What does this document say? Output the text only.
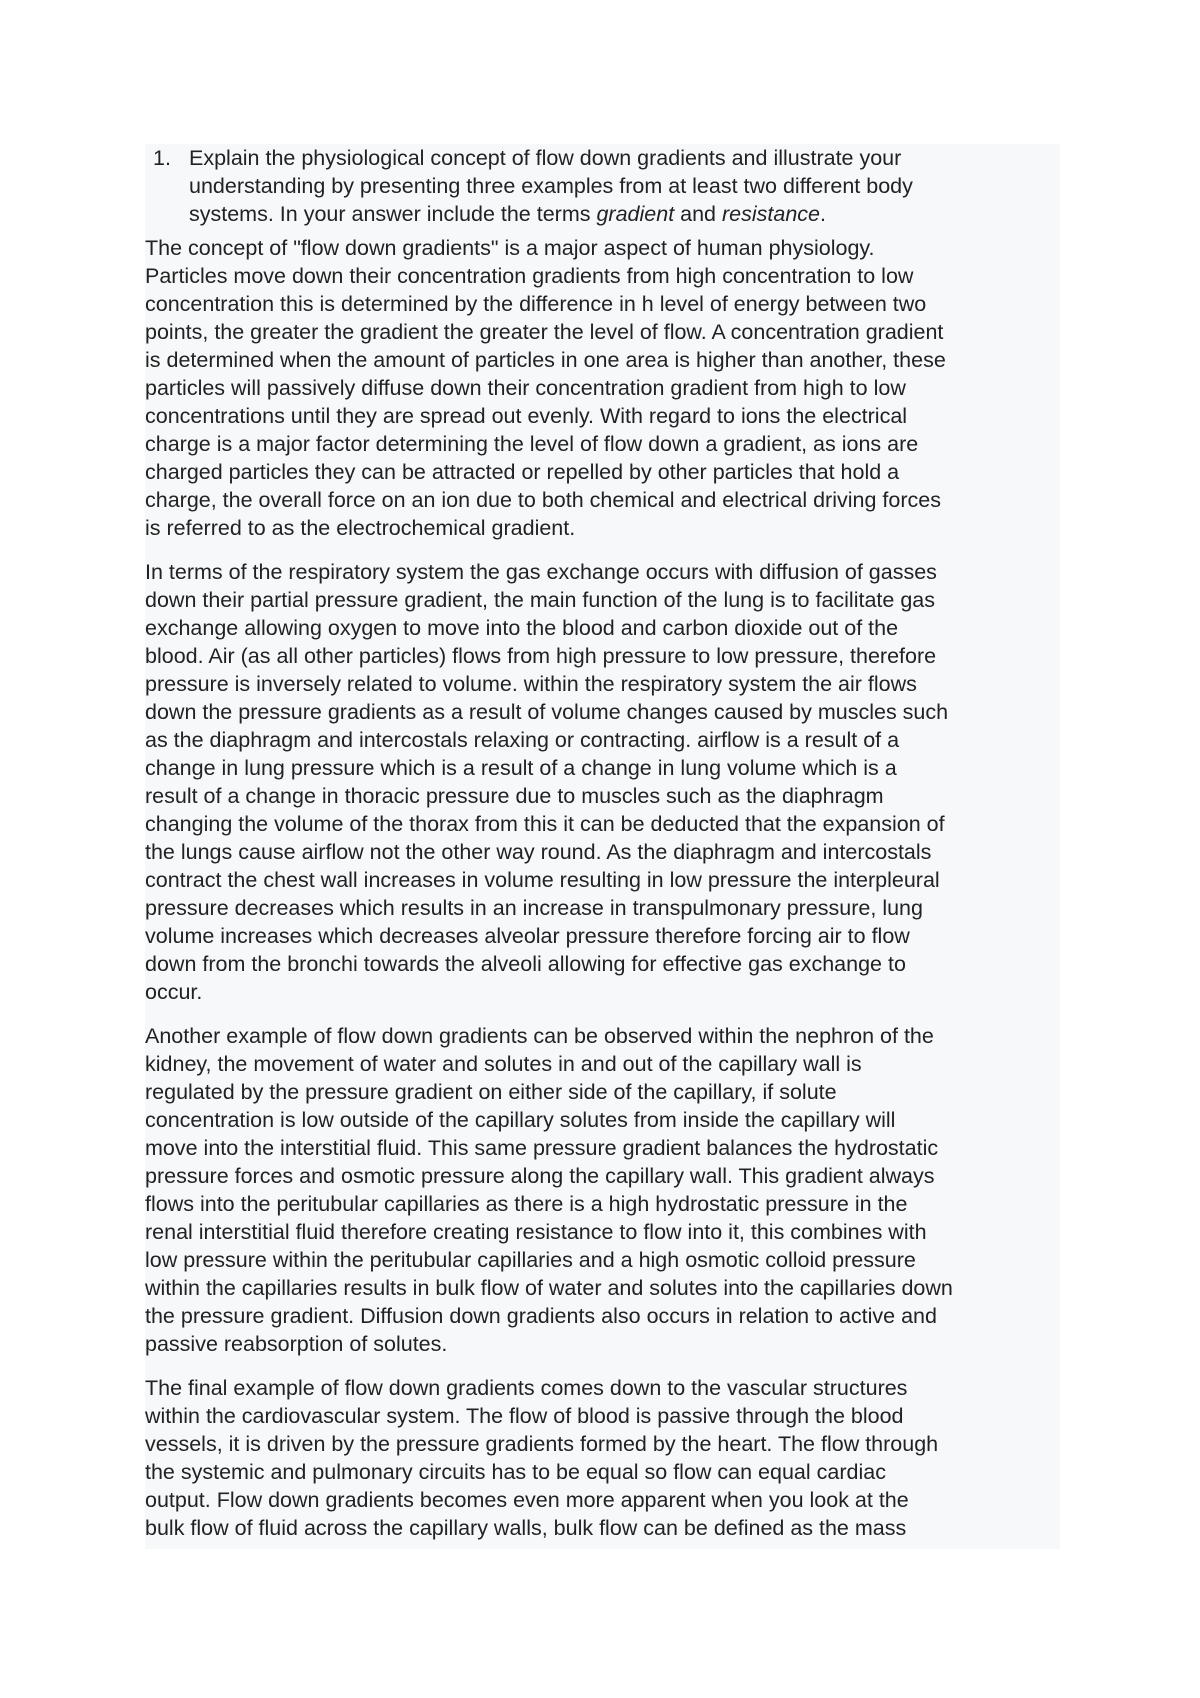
1. Explain the physiological concept of flow down gradients and illustrate your
understanding by presenting three examples from at least two different body
systems. In your answer include the terms gradient and resistance.
The concept of "flow down gradients" is a major aspect of human physiology.
Particles move down their concentration gradients from high concentration to low
concentration this is determined by the difference in h level of energy between two
points, the greater the gradient the greater the level of flow. A concentration gradient
is determined when the amount of particles in one area is higher than another, these
particles will passively diffuse down their concentration gradient from high to low
concentrations until they are spread out evenly. With regard to ions the electrical
charge is a major factor determining the level of flow down a gradient, as ions are
charged particles they can be attracted or repelled by other particles that hold a
charge, the overall force on an ion due to both chemical and electrical driving forces
is referred to as the electrochemical gradient.
In terms of the respiratory system the gas exchange occurs with diffusion of gasses
down their partial pressure gradient, the main function of the lung is to facilitate gas
exchange allowing oxygen to move into the blood and carbon dioxide out of the
blood. Air (as all other particles) flows from high pressure to low pressure, therefore
pressure is inversely related to volume. within the respiratory system the air flows
down the pressure gradients as a result of volume changes caused by muscles such
as the diaphragm and intercostals relaxing or contracting. airflow is a result of a
change in lung pressure which is a result of a change in lung volume which is a
result of a change in thoracic pressure due to muscles such as the diaphragm
changing the volume of the thorax from this it can be deducted that the expansion of
the lungs cause airflow not the other way round. As the diaphragm and intercostals
contract the chest wall increases in volume resulting in low pressure the interpleural
pressure decreases which results in an increase in transpulmonary pressure, lung
volume increases which decreases alveolar pressure therefore forcing air to flow
down from the bronchi towards the alveoli allowing for effective gas exchange to
occur.
Another example of flow down gradients can be observed within the nephron of the
kidney, the movement of water and solutes in and out of the capillary wall is
regulated by the pressure gradient on either side of the capillary, if solute
concentration is low outside of the capillary solutes from inside the capillary will
move into the interstitial fluid. This same pressure gradient balances the hydrostatic
pressure forces and osmotic pressure along the capillary wall. This gradient always
flows into the peritubular capillaries as there is a high hydrostatic pressure in the
renal interstitial fluid therefore creating resistance to flow into it, this combines with
low pressure within the peritubular capillaries and a high osmotic colloid pressure
within the capillaries results in bulk flow of water and solutes into the capillaries down
the pressure gradient. Diffusion down gradients also occurs in relation to active and
passive reabsorption of solutes.
The final example of flow down gradients comes down to the vascular structures
within the cardiovascular system. The flow of blood is passive through the blood
vessels, it is driven by the pressure gradients formed by the heart. The flow through
the systemic and pulmonary circuits has to be equal so flow can equal cardiac
output. Flow down gradients becomes even more apparent when you look at the
bulk flow of fluid across the capillary walls, bulk flow can be defined as the mass
